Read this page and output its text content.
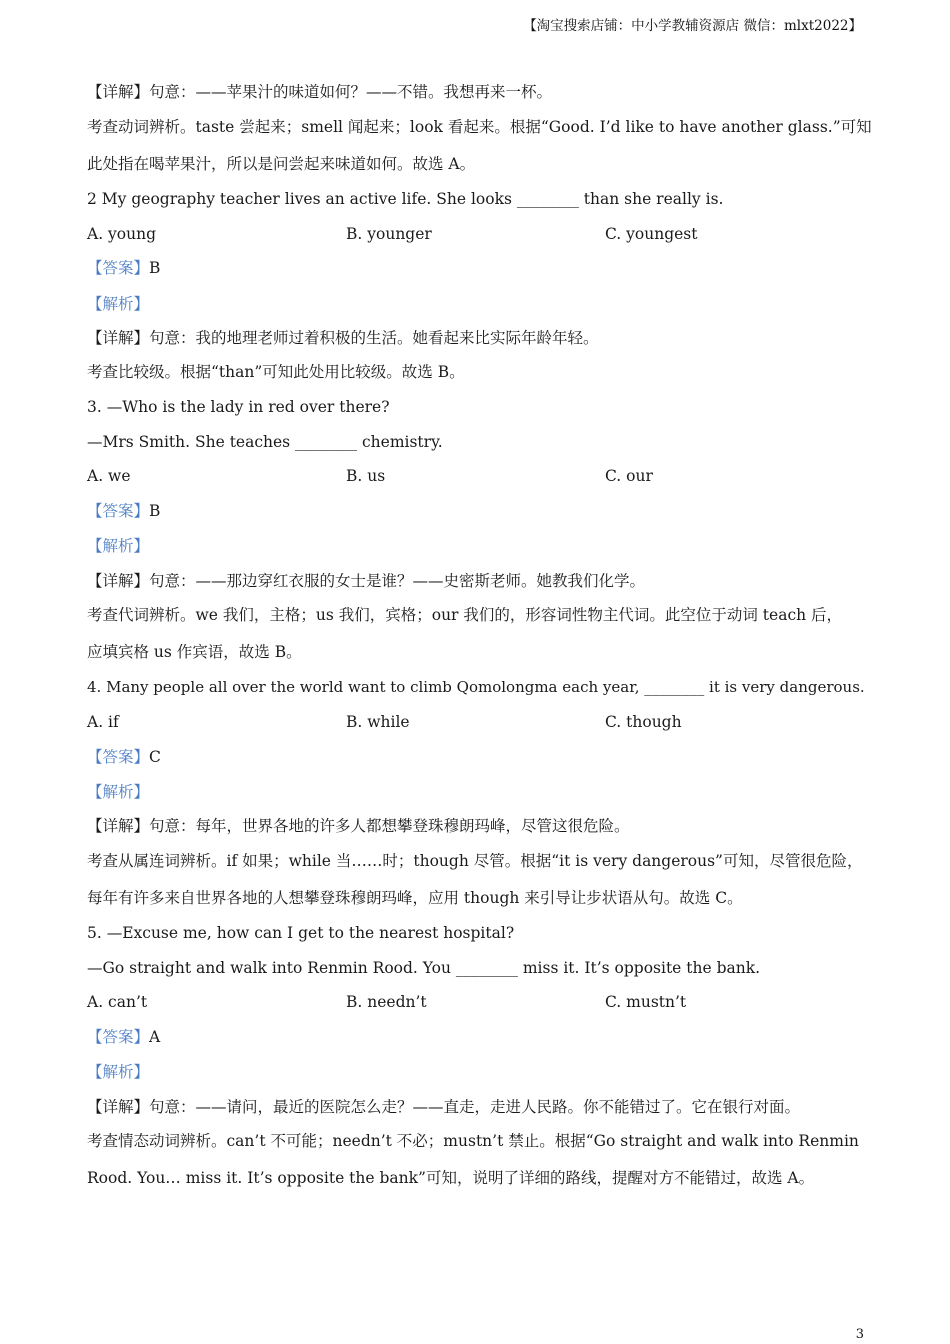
【淘宝搜索店铺：中小学教辅资源店 微信：mlxt2022】
【详解】句意：——苹果汁的味道如何？——不错。我想再来一杯。
考查动词辨析。taste 尝起来；smell 闻起来；look 看起来。根据“Good. I’d like to have another glass.”可知
此处指在喝苹果汁，所以是问尝起来味道如何。故选 A。
2 My geography teacher lives an active life. She looks ________ than she really is.
A. young	B. younger	C. youngest
【答案】B
【解析】
【详解】句意：我的地理老师过着积极的生活。她看起来比实际年龄年轻。
考查比较级。根据“than”可知此处用比较级。故选 B。
3. —Who is the lady in red over there?
—Mrs Smith. She teaches ________ chemistry.
A. we	B. us	C. our
【答案】B
【解析】
【详解】句意：——那边穿红衣服的女士是谁？——史密斯老师。她教我们化学。
考查代词辨析。we 我们，主格；us 我们，宾格；our 我们的，形容词性物主代词。此空位于动词 teach 后，
应填宾格 us 作宾语，故选 B。
4. Many people all over the world want to climb Qomolongma each year, ________ it is very dangerous.
A. if	B. while	C. though
【答案】C
【解析】
【详解】句意：每年，世界各地的许多人都想攀登珠穆朗玛峰，尽管这很危险。
考查从属连词辨析。if 如果；while 当……时；though 尽管。根据“it is very dangerous”可知，尽管很危险，
每年有许多来自世界各地的人想攀登珠穆朗玛峰，应用 though 来引导让步状语从句。故选 C。
5. —Excuse me, how can I get to the nearest hospital?
—Go straight and walk into Renmin Rood. You ________ miss it. It’s opposite the bank.
A. can’t	B. needn’t	C. mustn’t
【答案】A
【解析】
【详解】句意：——请问，最近的医院怎么走？——直走，走进人民路。你不能错过了。它在银行对面。
考查情态动词辨析。can’t 不可能；needn’t 不必；mustn’t 禁止。根据“Go straight and walk into Renmin
Rood. You… miss it. It’s opposite the bank”可知，说明了详细的路线，提醒对方不能错过，故选 A。
3
